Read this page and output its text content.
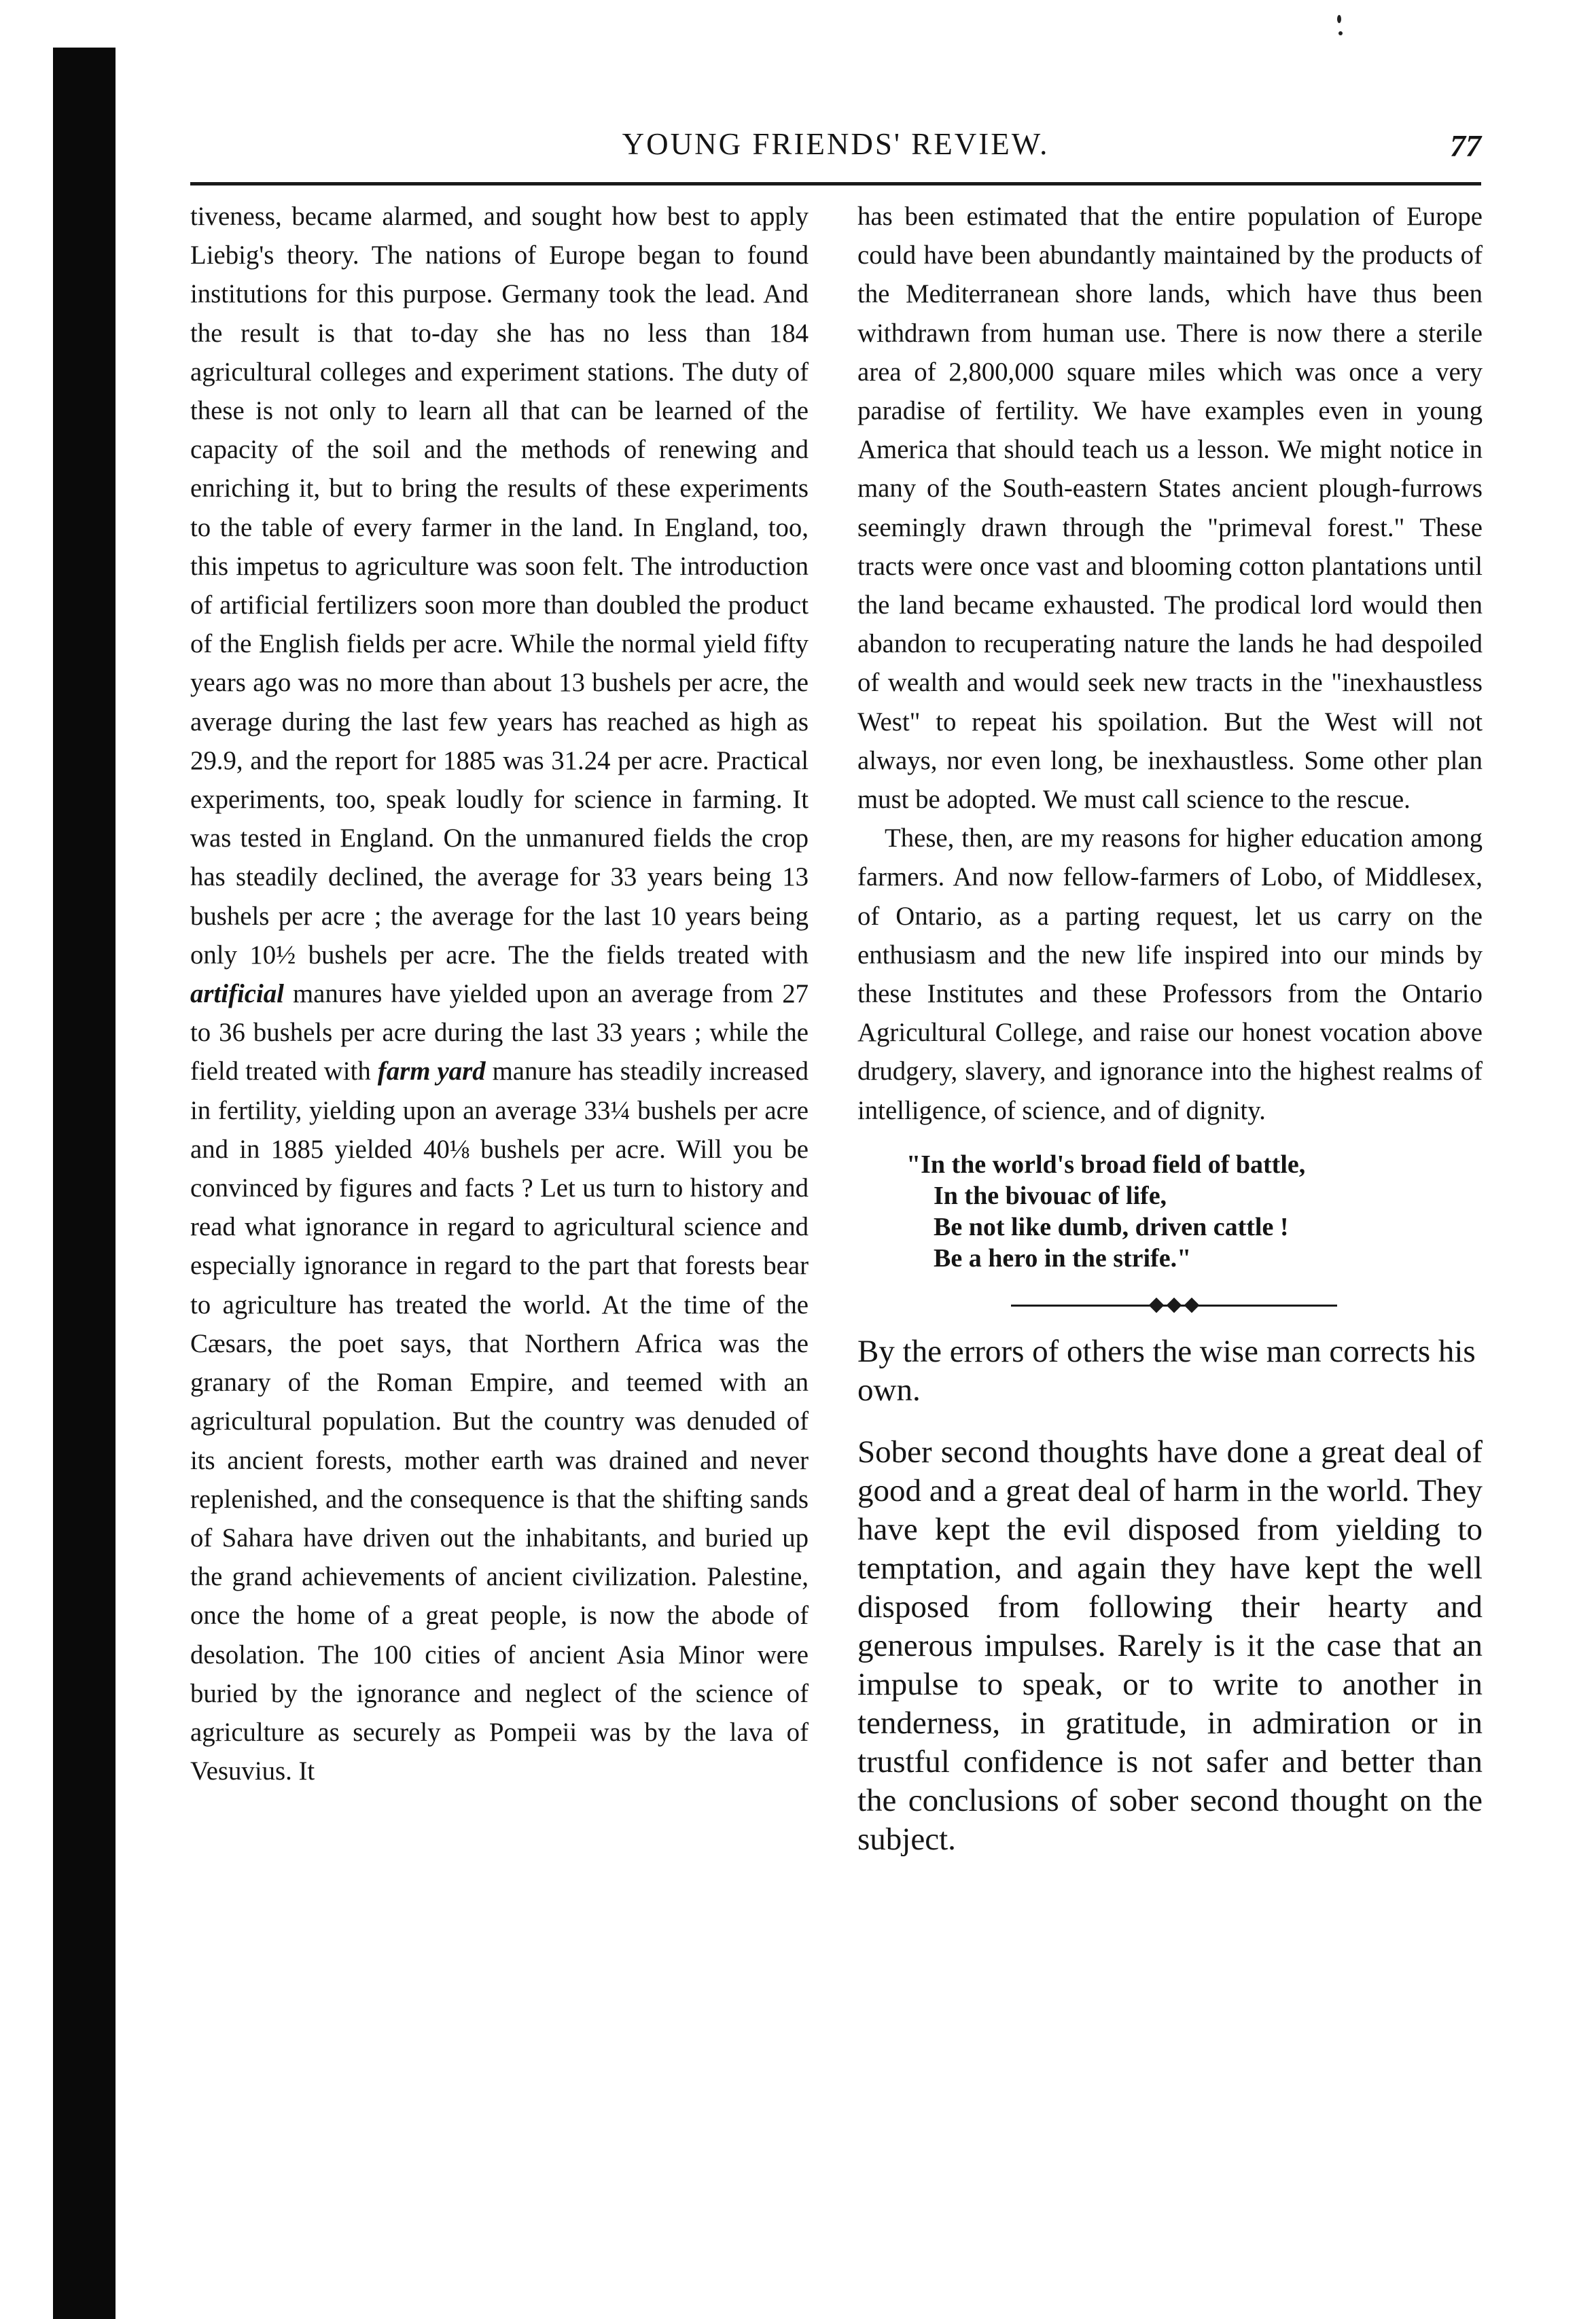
YOUNG FRIENDS' REVIEW.	77

tiveness, became alarmed, and sought how best to apply Liebig's theory. The nations of Europe began to found institutions for this purpose. Germany took the lead. And the result is that to-day she has no less than 184 agricultural colleges and experiment stations. The duty of these is not only to learn all that can be learned of the capacity of the soil and the methods of renewing and enriching it, but to bring the results of these experiments to the table of every farmer in the land. In England, too, this impetus to agriculture was soon felt. The introduction of artificial fertilizers soon more than doubled the product of the English fields per acre. While the normal yield fifty years ago was no more than about 13 bushels per acre, the average during the last few years has reached as high as 29.9, and the report for 1885 was 31.24 per acre. Practical experiments, too, speak loudly for science in farming. It was tested in England. On the unmanured fields the crop has steadily declined, the average for 33 years being 13 bushels per acre ; the average for the last 10 years being only 10½ bushels per acre. The the fields treated with artificial manures have yielded upon an average from 27 to 36 bushels per acre during the last 33 years ; while the field treated with farm yard manure has steadily increased in fertility, yielding upon an average 33¼ bushels per acre and in 1885 yielded 40⅛ bushels per acre. Will you be convinced by figures and facts ? Let us turn to history and read what ignorance in regard to agricultural science and especially ignorance in regard to the part that forests bear to agriculture has treated the world. At the time of the Cæsars, the poet says, that Northern Africa was the granary of the Roman Empire, and teemed with an agricultural population. But the country was denuded of its ancient forests, mother earth was drained and never replenished, and the consequence is that the shifting sands of Sahara have driven out the inhabitants, and buried up the grand achievements of ancient civilization. Palestine, once the home of a great people, is now the abode of desolation. The 100 cities of ancient Asia Minor were buried by the ignorance and neglect of the science of agriculture as securely as Pompeii was by the lava of Vesuvius. It

has been estimated that the entire population of Europe could have been abundantly maintained by the products of the Mediterranean shore lands, which have thus been withdrawn from human use. There is now there a sterile area of 2,800,000 square miles which was once a very paradise of fertility. We have examples even in young America that should teach us a lesson. We might notice in many of the South-eastern States ancient plough-furrows seemingly drawn through the "primeval forest." These tracts were once vast and blooming cotton plantations until the land became exhausted. The prodical lord would then abandon to recuperating nature the lands he had despoiled of wealth and would seek new tracts in the "inexhaustless West" to repeat his spoilation. But the West will not always, nor even long, be inexhaustless. Some other plan must be adopted. We must call science to the rescue.

These, then, are my reasons for higher education among farmers. And now fellow-farmers of Lobo, of Middlesex, of Ontario, as a parting request, let us carry on the enthusiasm and the new life inspired into our minds by these Institutes and these Professors from the Ontario Agricultural College, and raise our honest vocation above drudgery, slavery, and ignorance into the highest realms of intelligence, of science, and of dignity.

"In the world's broad field of battle,
In the bivouac of life,
Be not like dumb, driven cattle !
Be a hero in the strife."

By the errors of others the wise man corrects his own.

Sober second thoughts have done a great deal of good and a great deal of harm in the world. They have kept the evil disposed from yielding to temptation, and again they have kept the well disposed from following their hearty and generous impulses. Rarely is it the case that an impulse to speak, or to write to another in tenderness, in gratitude, in admiration or in trustful confidence is not safer and better than the conclusions of sober second thought on the subject.
